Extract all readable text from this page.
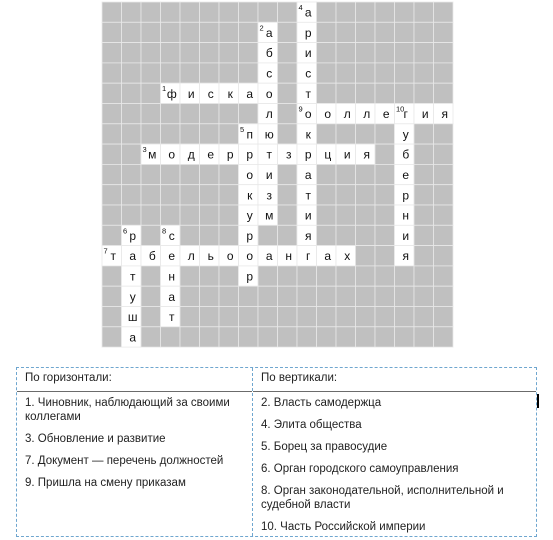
ф и с к а о
м о д е р р т з р ц и я
т а б е л ь о о а н г а х
о о л л е г и я
а
б
с
л
ю
и
з
м
а
р
и
с
т
к
а
т
и
я
п
о
к
у
р
р
р
т
у
ш
а
с
н
а
т
у
б
е
р
н
и
я
1
3
7
9
2
4
5
6	8
10
По горизонтали:
1. Чиновник, наблюдающий за своими коллегами
3. Обновление и развитие
7. Документ — перечень должностей
9. Пришла на смену приказам
По вертикали:
2. Власть самодержца
4. Элита общества
5. Борец за правосудие
6. Орган городского самоуправления
8. Орган законодательной, исполнительной и судебной власти
10. Часть Российской империи
